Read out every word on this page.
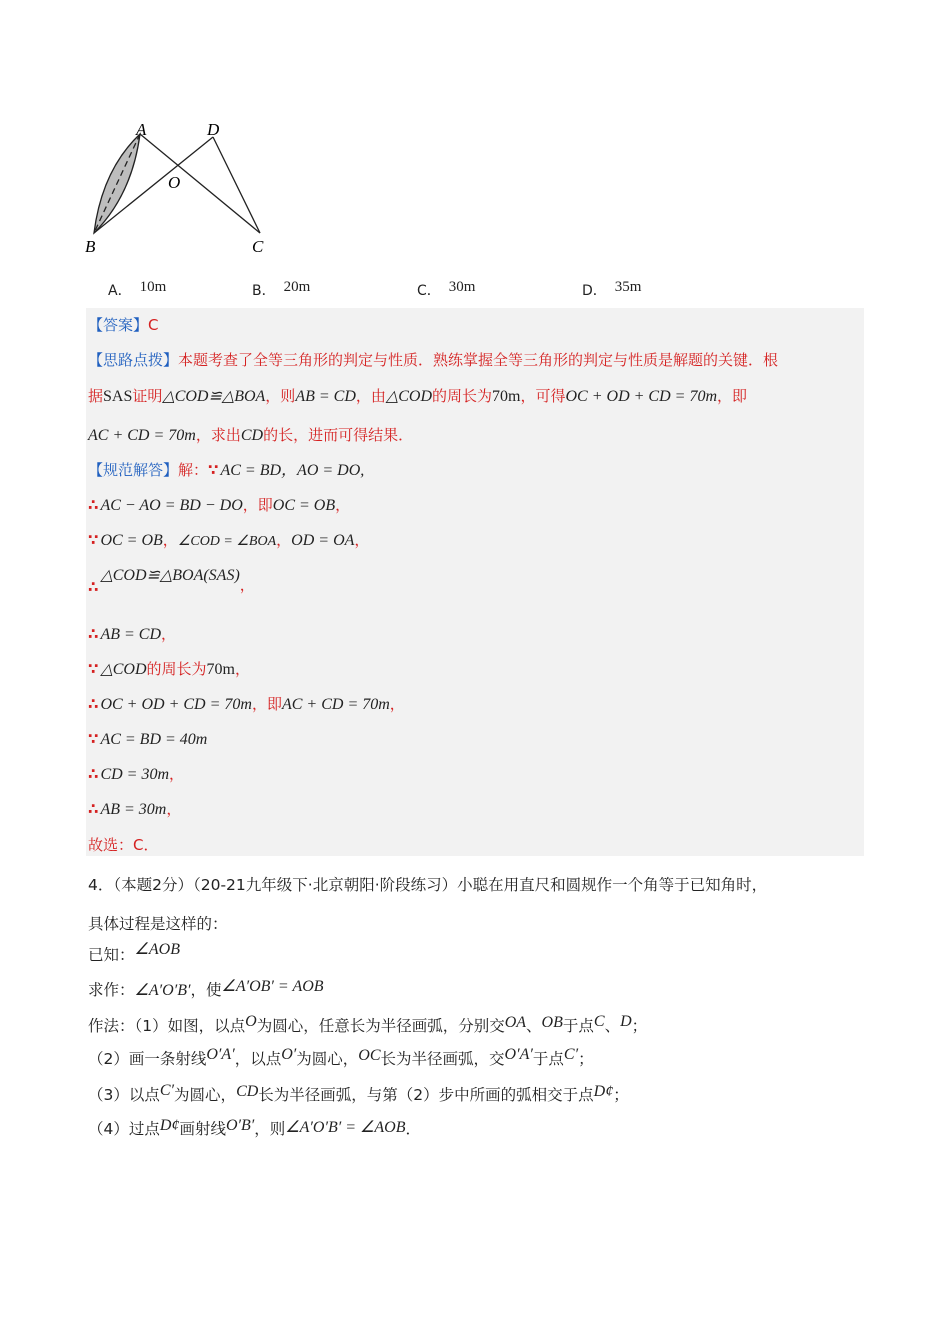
A	D
O
B	C
A． 10m	B． 20m	C． 30m	D． 35m
【答案】C
【思路点拨】本题考查了全等三角形的判定与性质．熟练掌握全等三角形的判定与性质是解题的关键．根
据SAS证明△COD≌△BOA，则AB = CD，由△COD的周长为70m，可得OC + OD + CD = 70m，即
AC + CD = 70m，求出CD的长，进而可得结果．
【规范解答】解：∵ AC = BD，AO = DO,
∴ AC − AO = BD − DO，即OC = OB，
∵ OC = OB，∠COD = ∠BOA，OD = OA，
∴△COD≌△BOA(SAS)，
∴ AB = CD，
∵ △COD的周长为70m，
∴ OC + OD + CD = 70m，即AC + CD = 70m，
∵ AC = BD = 40m
∴ CD = 30m，
∴ AB = 30m，
故选：C．
4．（本题2分）（20-21九年级下·北京朝阳·阶段练习）小聪在用直尺和圆规作一个角等于已知角时，
具体过程是这样的：
已知：∠AOB
求作：∠A′O′B′，使∠A′OB′ = AOB
作法：（1）如图，以点O为圆心，任意长为半径画弧，分别交OA、OB于点C、D；
（2）画一条射线O′A′，以点O′为圆心，OC长为半径画弧，交O′A′于点C′；
（3）以点C′为圆心，CD长为半径画弧，与第（2）步中所画的弧相交于点D¢；
（4）过点D¢画射线O′B′，则∠A′O′B′ = ∠AOB．
